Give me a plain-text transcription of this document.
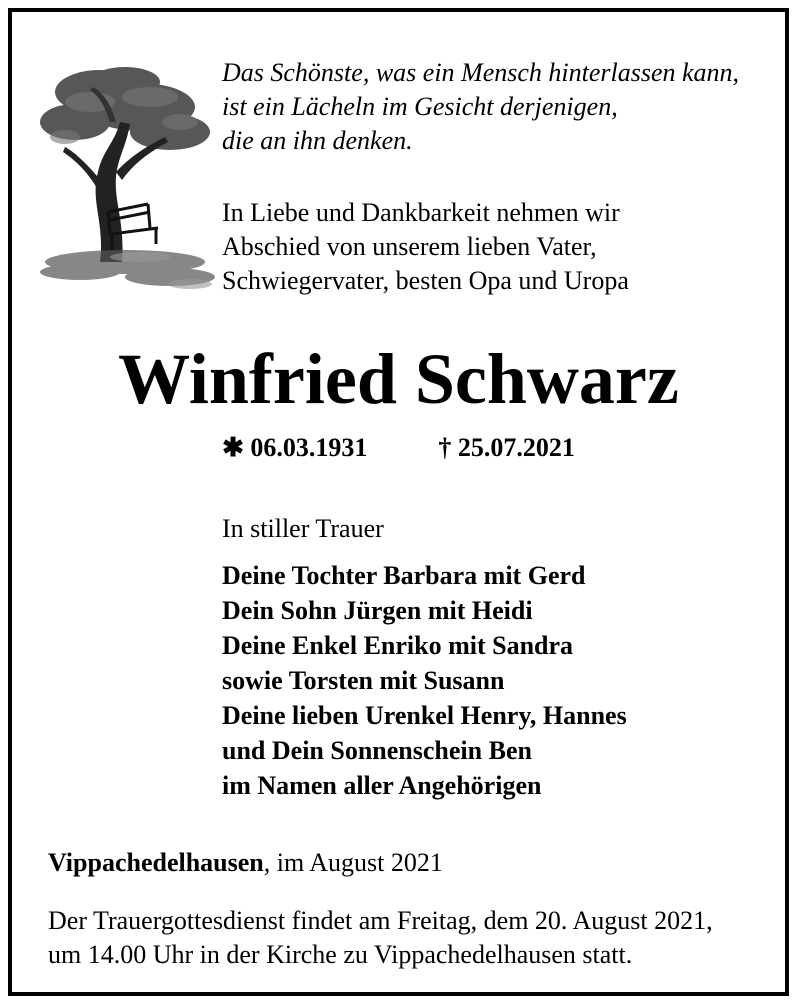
Das Schönste, was ein Mensch hinterlassen kann,
ist ein Lächeln im Gesicht derjenigen,
die an ihn denken.
In Liebe und Dankbarkeit nehmen wir
Abschied von unserem lieben Vater,
Schwiegervater, besten Opa und Uropa
Winfried Schwarz
✱ 06.03.1931	† 25.07.2021
In stiller Trauer
Deine Tochter Barbara mit Gerd
Dein Sohn Jürgen mit Heidi
Deine Enkel Enriko mit Sandra
sowie Torsten mit Susann
Deine lieben Urenkel Henry, Hannes
und Dein Sonnenschein Ben
im Namen aller Angehörigen
Vippachedelhausen, im August 2021
Der Trauergottesdienst findet am Freitag, dem 20. August 2021,
um 14.00 Uhr in der Kirche zu Vippachedelhausen statt.
